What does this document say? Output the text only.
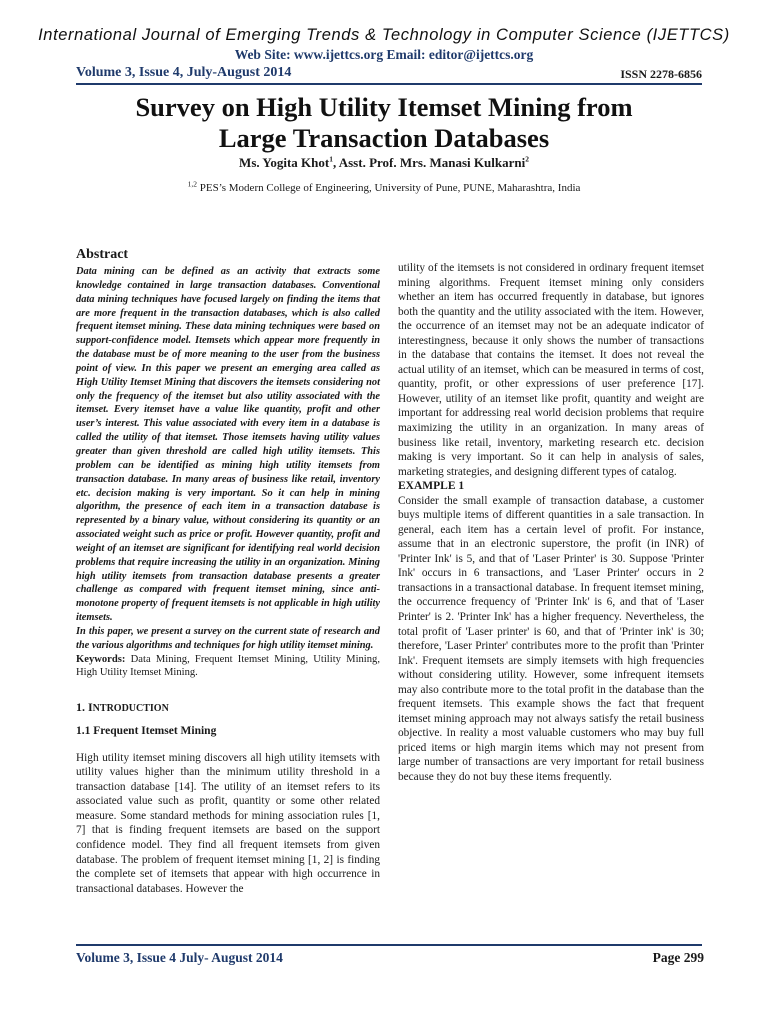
International Journal of Emerging Trends & Technology in Computer Science (IJETTCS)
Web Site: www.ijettcs.org Email: editor@ijettcs.org
Volume 3, Issue 4, July-August 2014	ISSN 2278-6856
Survey on High Utility Itemset Mining from
Large Transaction Databases
Ms. Yogita Khot$^1$, Asst. Prof. Mrs. Manasi Kulkarni$^2$
$^{1,2}$ PES’s Modern College of Engineering, University of Pune, PUNE, Maharashtra, India
Abstract

Data mining can be defined as an activity that extracts some knowledge contained in large transaction databases. Conventional data mining techniques have focused largely on finding the items that are more frequent in the transaction databases, which is also called frequent itemset mining. These data mining techniques were based on support-confidence model. Itemsets which appear more frequently in the database must be of more meaning to the user from the business point of view. In this paper we present an emerging area called as High Utility Itemset Mining that discovers the itemsets considering not only the frequency of the itemset but also utility associated with the itemset. Every itemset have a value like quantity, profit and other user’s interest. This value associated with every item in a database is called the utility of that itemset. Those itemsets having utility values greater than given threshold are called high utility itemsets. This problem can be identified as mining high utility itemsets from transaction database. In many areas of business like retail, inventory etc. decision making is very important. So it can help in mining algorithm, the presence of each item in a transaction database is represented by a binary value, without considering its quantity or an associated weight such as price or profit. However quantity, profit and weight of an itemset are significant for identifying real world decision problems that require increasing the utility in an organization. Mining high utility itemsets from transaction database presents a greater challenge as compared with frequent itemset mining, since anti-monotone property of frequent itemsets is not applicable in high utility itemsets.

In this paper, we present a survey on the current state of research and the various algorithms and techniques for high utility itemset mining.

Keywords: Data Mining, Frequent Itemset Mining, Utility Mining, High Utility Itemset Mining.

1. INTRODUCTION
1.1 Frequent Itemset Mining

High utility itemset mining discovers all high utility itemsets with utility values higher than the minimum utility threshold in a transaction database [14]. The utility of an itemset refers to its associated value such as profit, quantity or some other related measure. Some standard methods for mining association rules [1, 7] that is finding frequent itemsets are based on the support confidence model. They find all frequent itemsets from given database. The problem of frequent itemset mining [1, 2] is finding the complete set of itemsets that appear with high occurrence in transactional databases. However the

utility of the itemsets is not considered in ordinary frequent itemset mining algorithms. Frequent itemset mining only considers whether an item has occurred frequently in database, but ignores both the quantity and the utility associated with the item. However, the occurrence of an itemset may not be an adequate indicator of interestingness, because it only shows the number of transactions in the database that contains the itemset. It does not reveal the actual utility of an itemset, which can be measured in terms of cost, quantity, profit, or other expressions of user preference [17]. However, utility of an itemset like profit, quantity and weight are important for addressing real world decision problems that require maximizing the utility in an organization. In many areas of business like retail, inventory, marketing research etc. decision making is very important. So it can help in analysis of sales, marketing strategies, and designing different types of catalog.

EXAMPLE 1

Consider the small example of transaction database, a customer buys multiple items of different quantities in a sale transaction. In general, each item has a certain level of profit. For instance, assume that in an electronic superstore, the profit (in INR) of 'Printer Ink' is 5, and that of 'Laser Printer' is 30. Suppose 'Printer Ink' occurs in 6 transactions, and 'Laser Printer' occurs in 2 transactions in a transactional database. In frequent itemset mining, the occurrence frequency of 'Printer Ink' is 6, and that of 'Laser Printer' is 2. 'Printer Ink' has a higher frequency. Nevertheless, the total profit of 'Laser printer' is 60, and that of 'Printer ink' is 30; therefore, 'Laser Printer' contributes more to the profit than 'Printer Ink'. Frequent itemsets are simply itemsets with high frequencies without considering utility. However, some infrequent itemsets may also contribute more to the total profit in the database than the frequent itemsets. This example shows the fact that frequent itemset mining approach may not always satisfy the retail business objective. In reality a most valuable customers who may buy full priced items or high margin items which may not present from large number of transactions are very important for retail business because they do not buy these items frequently.

Volume 3, Issue 4 July- August 2014	Page 299
